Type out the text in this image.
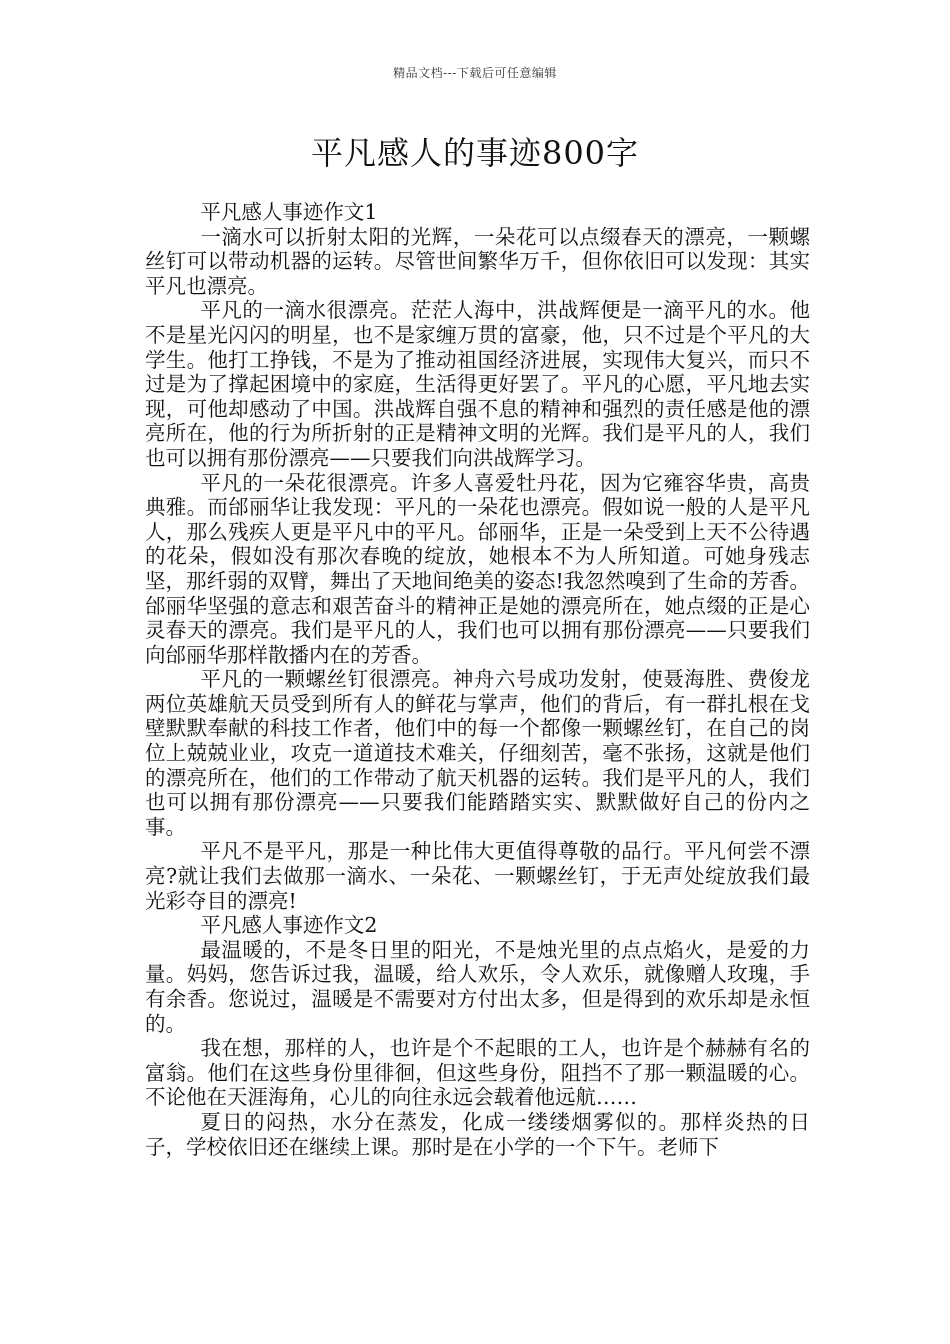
精品文档---下载后可任意编辑
平凡感人的事迹800字

平凡感人事迹作文1

一滴水可以折射太阳的光辉，一朵花可以点缀春天的漂亮，一颗螺丝钉可以带动机器的运转。尽管世间繁华万千，但你依旧可以发现：其实平凡也漂亮。

平凡的一滴水很漂亮。茫茫人海中，洪战辉便是一滴平凡的水。他不是星光闪闪的明星，也不是家缠万贯的富豪，他，只不过是个平凡的大学生。他打工挣钱，不是为了推动祖国经济进展，实现伟大复兴，而只不过是为了撑起困境中的家庭，生活得更好罢了。平凡的心愿，平凡地去实现，可他却感动了中国。洪战辉自强不息的精神和强烈的责任感是他的漂亮所在，他的行为所折射的正是精神文明的光辉。我们是平凡的人，我们也可以拥有那份漂亮——只要我们向洪战辉学习。

平凡的一朵花很漂亮。许多人喜爱牡丹花，因为它雍容华贵，高贵典雅。而邰丽华让我发现：平凡的一朵花也漂亮。假如说一般的人是平凡人，那么残疾人更是平凡中的平凡。邰丽华，正是一朵受到上天不公待遇的花朵，假如没有那次春晚的绽放，她根本不为人所知道。可她身残志坚，那纤弱的双臂，舞出了天地间绝美的姿态!我忽然嗅到了生命的芳香。邰丽华坚强的意志和艰苦奋斗的精神正是她的漂亮所在，她点缀的正是心灵春天的漂亮。我们是平凡的人，我们也可以拥有那份漂亮——只要我们向邰丽华那样散播内在的芳香。

平凡的一颗螺丝钉很漂亮。神舟六号成功发射，使聂海胜、费俊龙两位英雄航天员受到所有人的鲜花与掌声，他们的背后，有一群扎根在戈壁默默奉献的科技工作者，他们中的每一个都像一颗螺丝钉，在自己的岗位上兢兢业业，攻克一道道技术难关，仔细刻苦，毫不张扬，这就是他们的漂亮所在，他们的工作带动了航天机器的运转。我们是平凡的人，我们也可以拥有那份漂亮——只要我们能踏踏实实、默默做好自己的份内之事。

平凡不是平凡，那是一种比伟大更值得尊敬的品行。平凡何尝不漂亮?就让我们去做那一滴水、一朵花、一颗螺丝钉，于无声处绽放我们最光彩夺目的漂亮!

平凡感人事迹作文2

最温暖的，不是冬日里的阳光，不是烛光里的点点焰火，是爱的力量。妈妈，您告诉过我，温暖，给人欢乐，令人欢乐，就像赠人玫瑰，手有余香。您说过，温暖是不需要对方付出太多，但是得到的欢乐却是永恒的。

我在想，那样的人，也许是个不起眼的工人，也许是个赫赫有名的富翁。他们在这些身份里徘徊，但这些身份，阻挡不了那一颗温暖的心。不论他在天涯海角，心儿的向往永远会载着他远航……

夏日的闷热，水分在蒸发，化成一缕缕烟雾似的。那样炎热的日子，学校依旧还在继续上课。那时是在小学的一个下午。老师下
